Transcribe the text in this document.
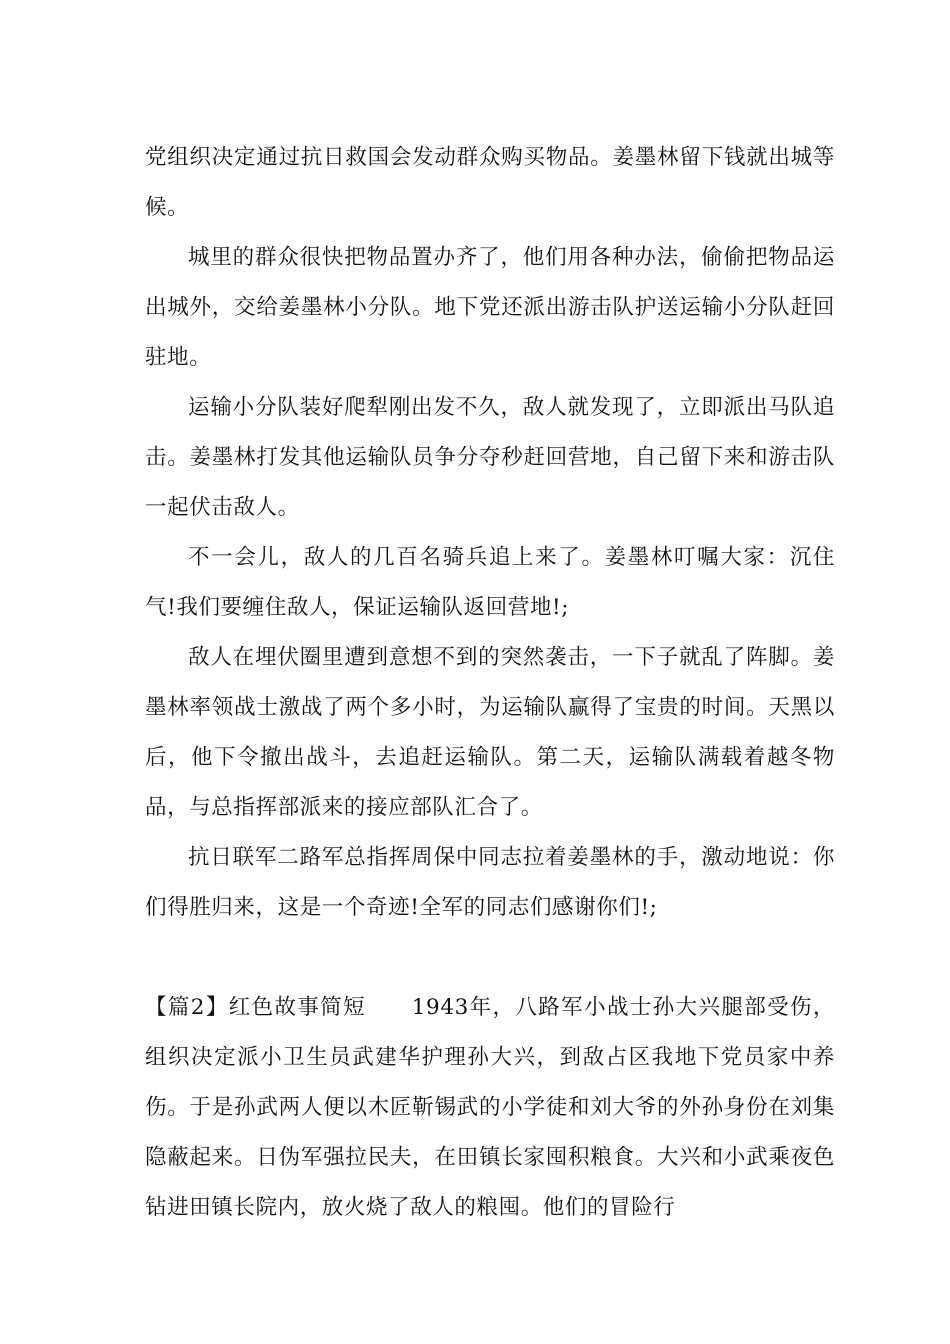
党组织决定通过抗日救国会发动群众购买物品。姜墨林留下钱就出城等候。

城里的群众很快把物品置办齐了，他们用各种办法，偷偷把物品运出城外，交给姜墨林小分队。地下党还派出游击队护送运输小分队赶回驻地。

运输小分队装好爬犁刚出发不久，敌人就发现了，立即派出马队追击。姜墨林打发其他运输队员争分夺秒赶回营地，自己留下来和游击队一起伏击敌人。

不一会儿，敌人的几百名骑兵追上来了。姜墨林叮嘱大家：沉住气!我们要缠住敌人，保证运输队返回营地!;

敌人在埋伏圈里遭到意想不到的突然袭击，一下子就乱了阵脚。姜墨林率领战士激战了两个多小时，为运输队赢得了宝贵的时间。天黑以后，他下令撤出战斗，去追赶运输队。第二天，运输队满载着越冬物品，与总指挥部派来的接应部队汇合了。

抗日联军二路军总指挥周保中同志拉着姜墨林的手，激动地说：你们得胜归来，这是一个奇迹!全军的同志们感谢你们!;

【篇2】红色故事简短　　1943年，八路军小战士孙大兴腿部受伤，组织决定派小卫生员武建华护理孙大兴，到敌占区我地下党员家中养伤。于是孙武两人便以木匠靳锡武的小学徒和刘大爷的外孙身份在刘集隐蔽起来。日伪军强拉民夫，在田镇长家囤积粮食。大兴和小武乘夜色钻进田镇长院内，放火烧了敌人的粮囤。他们的冒险行
